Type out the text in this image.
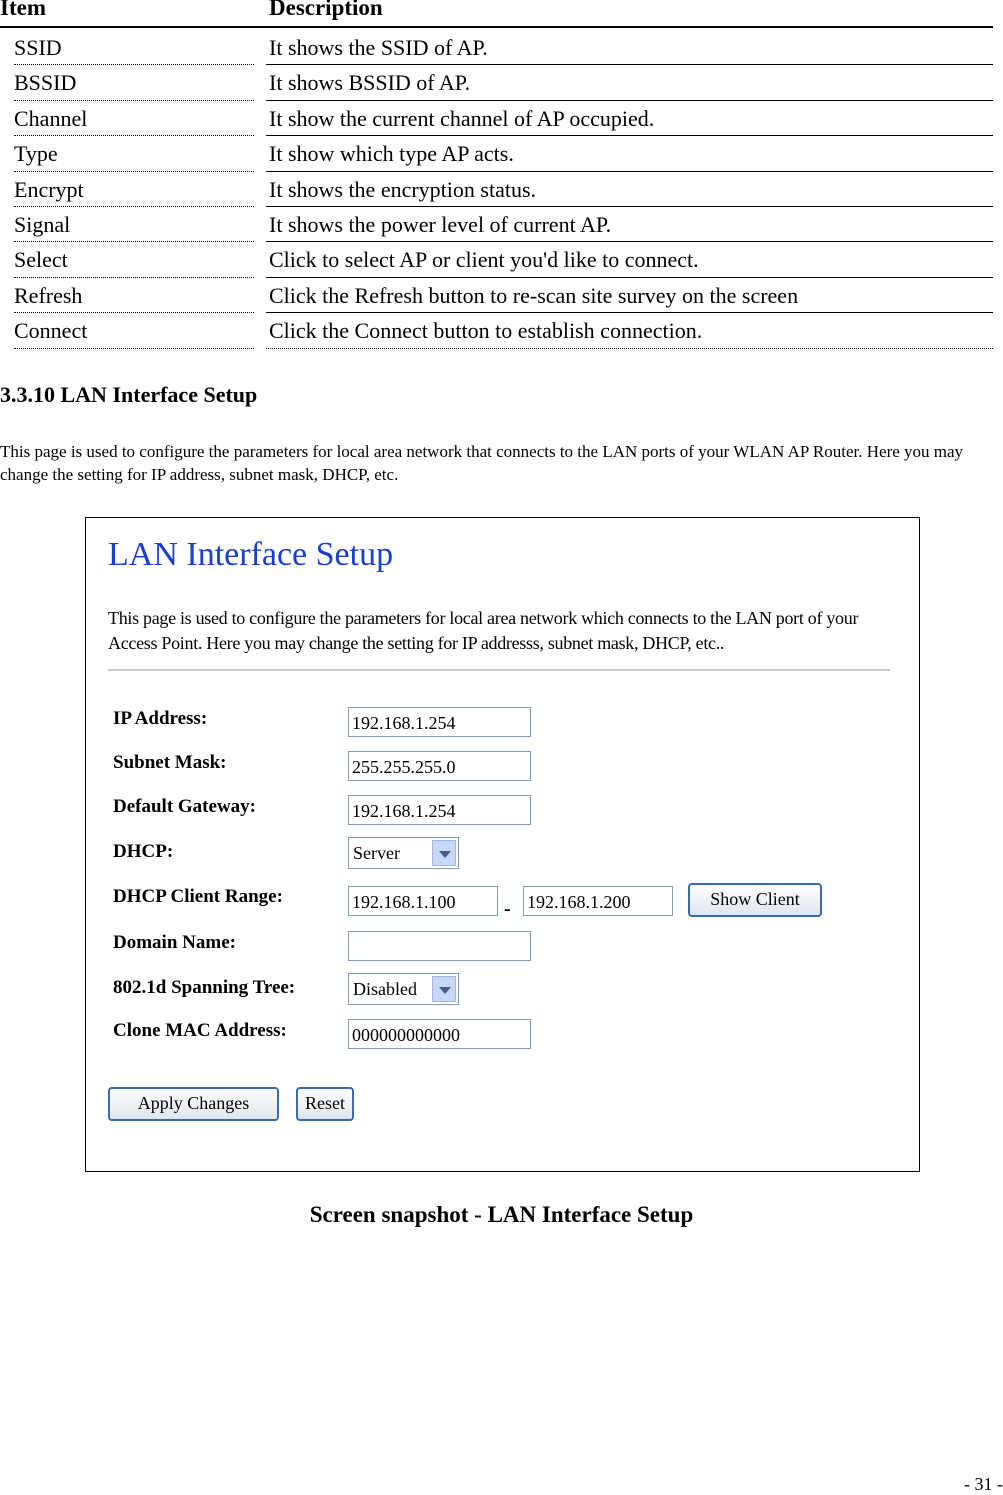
Item	Description
SSID	It shows the SSID of AP.
BSSID	It shows BSSID of AP.
Channel	It show the current channel of AP occupied.
Type	It show which type AP acts.
Encrypt	It shows the encryption status.
Signal	It shows the power level of current AP.
Select	Click to select AP or client you'd like to connect.
Refresh	Click the Refresh button to re-scan site survey on the screen
Connect	Click the Connect button to establish connection.
3.3.10 LAN Interface Setup
This page is used to configure the parameters for local area network that connects to the LAN ports of your WLAN AP Router. Here you may change the setting for IP address, subnet mask, DHCP, etc.
LAN Interface Setup
This page is used to configure the parameters for local area network which connects to the LAN port of your Access Point. Here you may change the setting for IP addresss, subnet mask, DHCP, etc..
IP Address:	192.168.1.254
Subnet Mask:	255.255.255.0
Default Gateway:	192.168.1.254
DHCP:	Server
DHCP Client Range:	192.168.1.100	- 192.168.1.200	Show Client
Domain Name:
802.1d Spanning Tree:	Disabled
Clone MAC Address:	000000000000
Apply Changes	Reset
Screen snapshot - LAN Interface Setup
- 31 -
